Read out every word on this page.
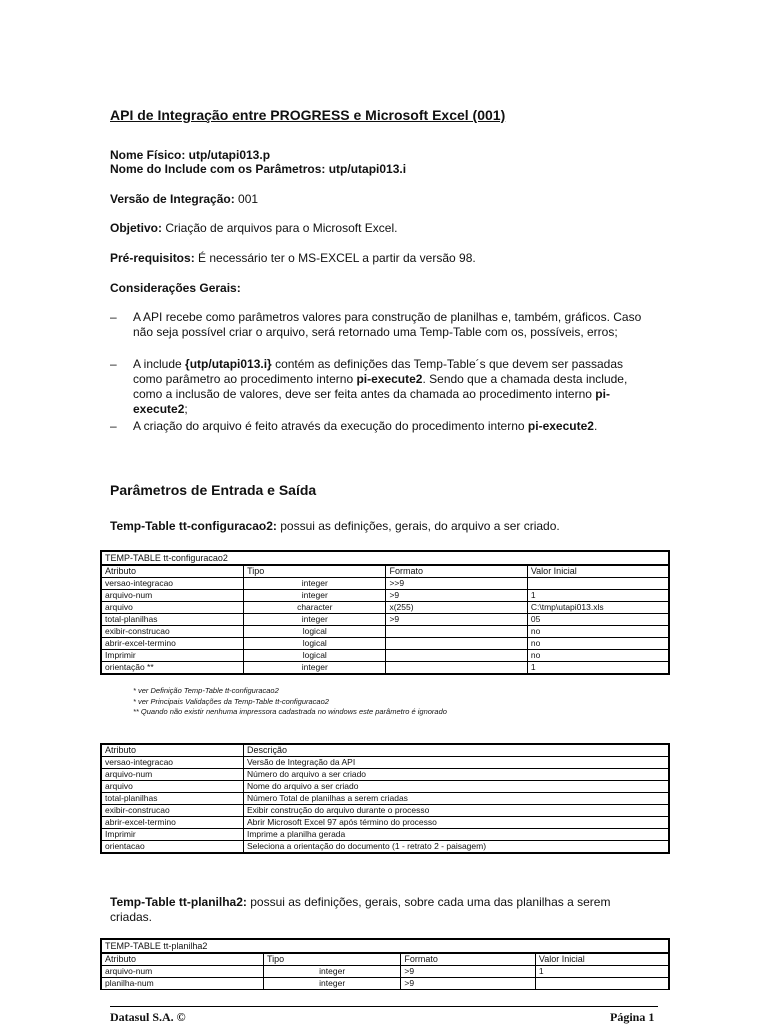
API de Integração entre PROGRESS e Microsoft Excel (001)
Nome Físico: utp/utapi013.p
Nome do Include com os Parâmetros: utp/utapi013.i
Versão de Integração: 001
Objetivo: Criação de arquivos para o Microsoft Excel.
Pré-requisitos: É necessário ter o MS-EXCEL a partir da versão 98.
Considerações Gerais:
– A API recebe como parâmetros valores para construção de planilhas e, também, gráficos. Caso não seja possível criar o arquivo, será retornado uma Temp-Table com os, possíveis, erros;
– A include {utp/utapi013.i} contém as definições das Temp-Table´s que devem ser passadas como parâmetro ao procedimento interno pi-execute2. Sendo que a chamada desta include, como a inclusão de valores, deve ser feita antes da chamada ao procedimento interno pi-execute2;
– A criação do arquivo é feito através da execução do procedimento interno pi-execute2.
Parâmetros de Entrada e Saída
Temp-Table tt-configuracao2: possui as definições, gerais, do arquivo a ser criado.
TEMP-TABLE tt-configuracao2			
Atributo	Tipo	Formato	Valor Inicial
versao-integracao	integer	>>9	
arquivo-num	integer	>9	1
arquivo	character	x(255)	C:\tmp\utapi013.xls
total-planilhas	integer	>9	05
exibir-construcao	logical		no
abrir-excel-termino	logical		no
Imprimir	logical		no
orientação **	integer		1
* ver Definição Temp-Table tt-configuracao2
* ver Principais Validações da Temp-Table tt-configuracao2
** Quando não existir nenhuma impressora cadastrada no windows este parâmetro é ignorado
Atributo	Descrição
versao-integracao	Versão de Integração da API
arquivo-num	Número do arquivo a ser criado
arquivo	Nome do arquivo a ser criado
total-planilhas	Número Total de planilhas a serem criadas
exibir-construcao	Exibir construção do arquivo durante o processo
abrir-excel-termino	Abrir Microsoft Excel 97 após término do processo
Imprimir	Imprime a planilha gerada
orientacao	Seleciona a orientação do documento (1 - retrato 2 - paisagem)
Temp-Table tt-planilha2: possui as definições, gerais, sobre cada uma das planilhas a serem criadas.
TEMP-TABLE tt-planilha2			
Atributo	Tipo	Formato	Valor Inicial
arquivo-num	integer	>9	1
planilha-num	integer	>9	
Datasul S.A. ©	Página 1
